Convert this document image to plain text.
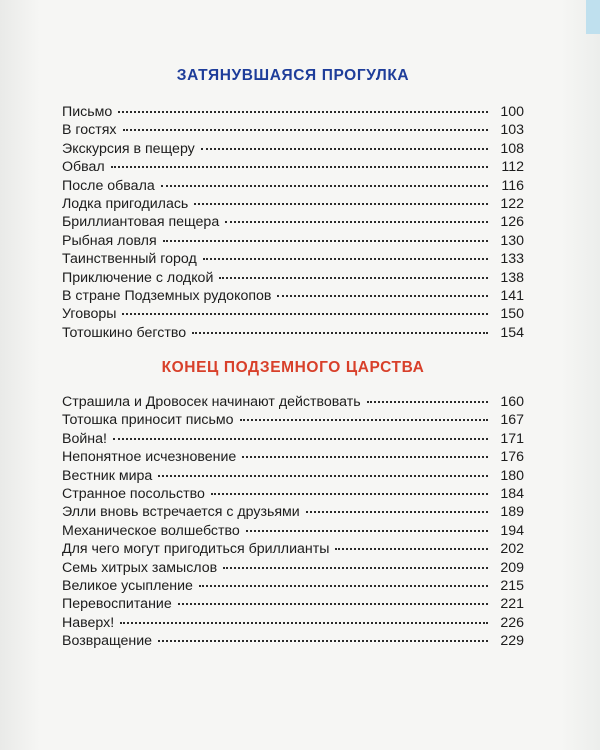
ЗАТЯНУВШАЯСЯ ПРОГУЛКА
Письмо	100
В гостях	103
Экскурсия в пещеру	108
Обвал	112
После обвала	116
Лодка пригодилась	122
Бриллиантовая пещера	126
Рыбная ловля	130
Таинственный город	133
Приключение с лодкой	138
В стране Подземных рудокопов	141
Уговоры	150
Тотошкино бегство	154
КОНЕЦ ПОДЗЕМНОГО ЦАРСТВА
Страшила и Дровосек начинают действовать	160
Тотошка приносит письмо	167
Война!	171
Непонятное исчезновение	176
Вестник мира	180
Странное посольство	184
Элли вновь встречается с друзьями	189
Механическое волшебство	194
Для чего могут пригодиться бриллианты	202
Семь хитрых замыслов	209
Великое усыпление	215
Перевоспитание	221
Наверх!	226
Возвращение	229
